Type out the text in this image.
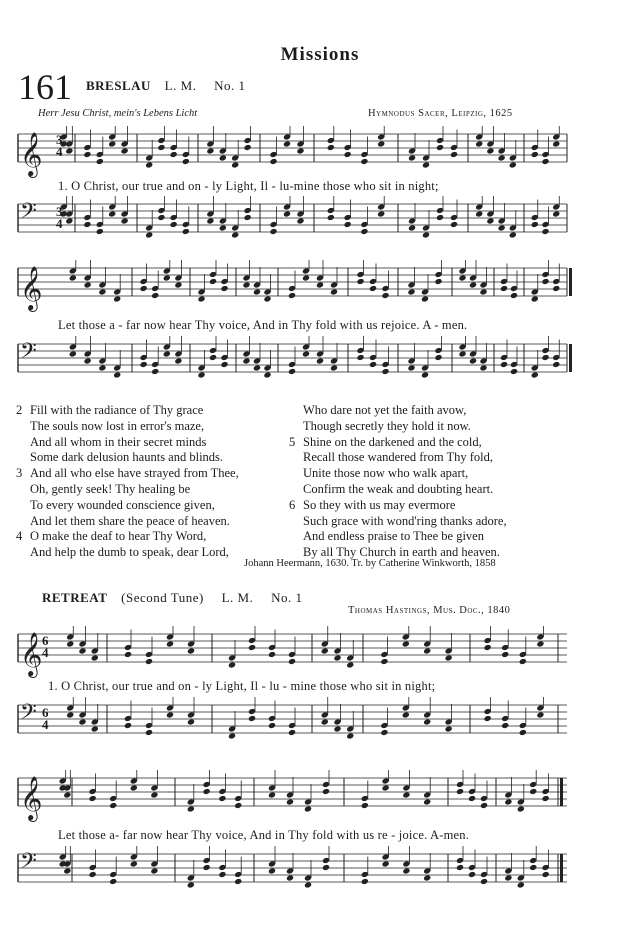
Missions
161 BRESLAU L. M. No. 1
Herr Jesu Christ, mein's Lebens Licht	Hymnodus Sacer, Leipzig, 1625
𝄞
1. O Christ, our true and on - ly Light, Il - lu-mine those who sit in night;
𝄢
𝄞
Let those a - far now hear Thy voice, And in Thy fold with us rejoice. A - men.
𝄢
2 Fill with the radiance of Thy grace
The souls now lost in error's maze,
And all whom in their secret minds
Some dark delusion haunts and blinds.
3 And all who else have strayed from Thee,
Oh, gently seek! Thy healing be
To every wounded conscience given,
And let them share the peace of heaven.
4 O make the deaf to hear Thy Word,
And help the dumb to speak, dear Lord,
Who dare not yet the faith avow,
Though secretly they hold it now.
5 Shine on the darkened and the cold,
Recall those wandered from Thy fold,
Unite those now who walk apart,
Confirm the weak and doubting heart.
6 So they with us may evermore
Such grace with wond'ring thanks adore,
And endless praise to Thee be given
By all Thy Church in earth and heaven.
Johann Heermann, 1630. Tr. by Catherine Winkworth, 1858
RETREAT (Second Tune) L. M. No. 1
Thomas Hastings, Mus. Doc., 1840
𝄞
1. O Christ, our true and on - ly Light, Il - lu - mine those who sit in night;
𝄢
𝄞
Let those a- far now hear Thy voice, And in Thy fold with us re - joice. A-men.
𝄢
3
4
3
4
6
4
6
4
